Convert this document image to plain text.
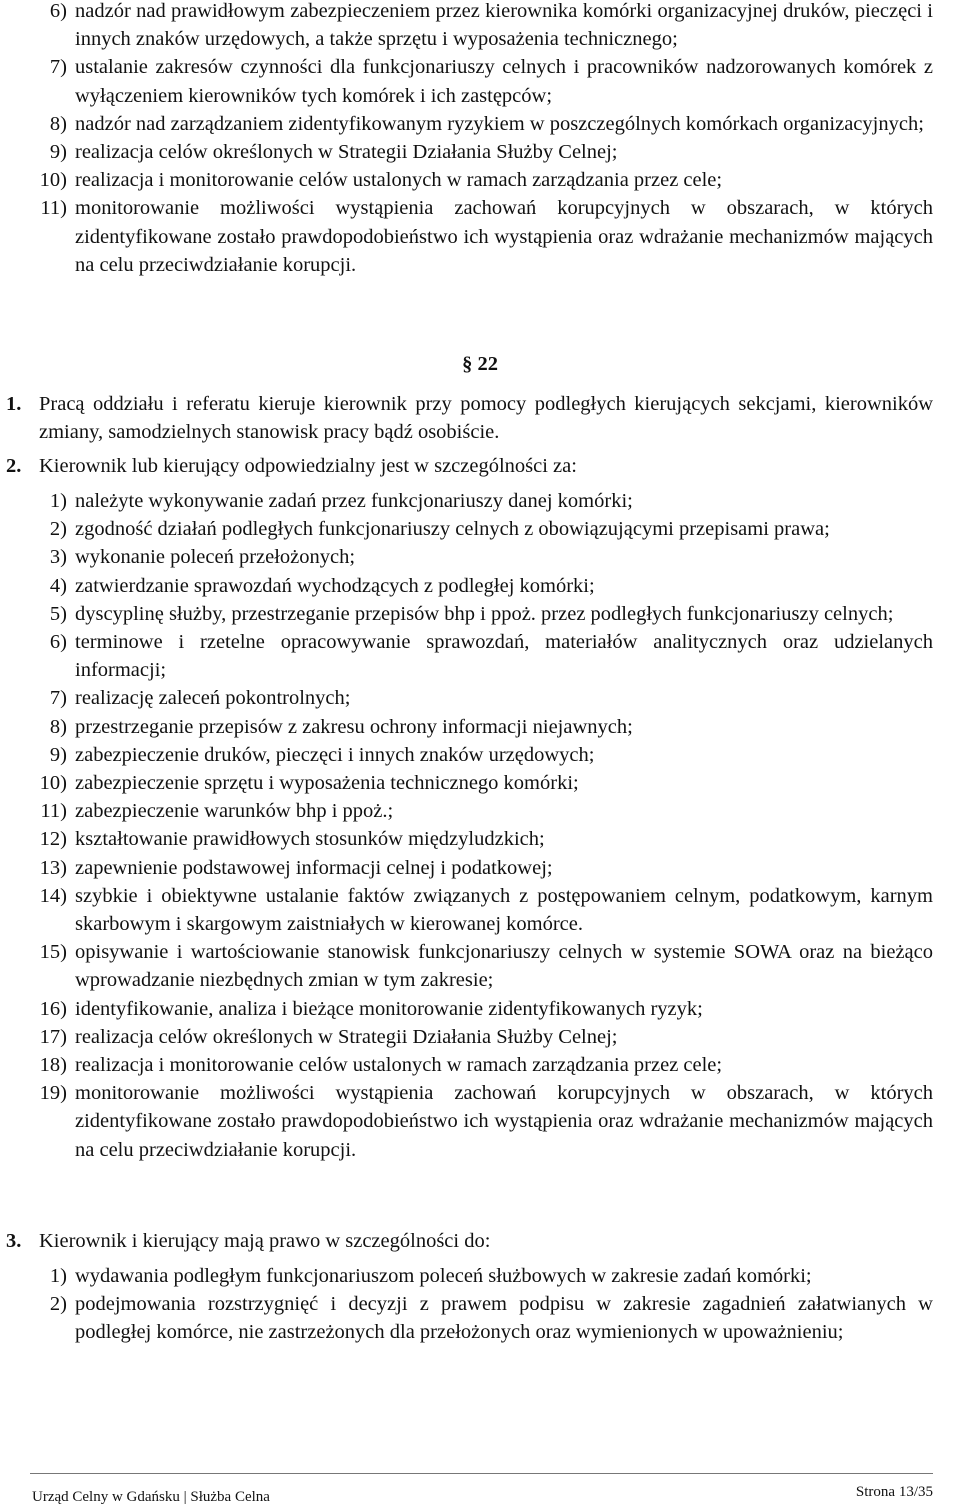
6) nadzór nad prawidłowym zabezpieczeniem przez kierownika komórki organizacyjnej druków, pieczęci i innych znaków urzędowych, a także sprzętu i wyposażenia technicznego;
7) ustalanie zakresów czynności dla funkcjonariuszy celnych i pracowników nadzorowanych komórek z wyłączeniem kierowników tych komórek i ich zastępców;
8) nadzór nad zarządzaniem zidentyfikowanym ryzykiem w poszczególnych komórkach organizacyjnych;
9) realizacja celów określonych w Strategii Działania Służby Celnej;
10) realizacja i monitorowanie celów ustalonych w ramach zarządzania przez cele;
11) monitorowanie możliwości wystąpienia zachowań korupcyjnych w obszarach, w których zidentyfikowane zostało prawdopodobieństwo ich wystąpienia oraz wdrażanie mechanizmów mających na celu przeciwdziałanie korupcji.
§ 22
1. Pracą oddziału i referatu kieruje kierownik przy pomocy podległych kierujących sekcjami, kierowników zmiany, samodzielnych stanowisk pracy bądź osobiście.
2. Kierownik lub kierujący odpowiedzialny jest w szczególności za:
1) należyte wykonywanie zadań przez funkcjonariuszy danej komórki;
2) zgodność działań podległych funkcjonariuszy celnych z obowiązującymi przepisami prawa;
3) wykonanie poleceń przełożonych;
4) zatwierdzanie sprawozdań wychodzących z podległej komórki;
5) dyscyplinę służby, przestrzeganie przepisów bhp i ppoż. przez podległych funkcjonariuszy celnych;
6) terminowe i rzetelne opracowywanie sprawozdań, materiałów analitycznych oraz udzielanych informacji;
7) realizację zaleceń pokontrolnych;
8) przestrzeganie przepisów z zakresu ochrony informacji niejawnych;
9) zabezpieczenie druków, pieczęci i innych znaków urzędowych;
10) zabezpieczenie sprzętu i wyposażenia technicznego komórki;
11) zabezpieczenie warunków bhp i ppoż.;
12) kształtowanie prawidłowych stosunków międzyludzkich;
13) zapewnienie podstawowej informacji celnej i podatkowej;
14) szybkie i obiektywne ustalanie faktów związanych z postępowaniem celnym, podatkowym, karnym skarbowym i skargowym zaistniałych w kierowanej komórce.
15) opisywanie i wartościowanie stanowisk funkcjonariuszy celnych w systemie SOWA oraz na bieżąco wprowadzanie niezbędnych zmian w tym zakresie;
16) identyfikowanie, analiza i bieżące monitorowanie zidentyfikowanych ryzyk;
17) realizacja celów określonych w Strategii Działania Służby Celnej;
18) realizacja i monitorowanie celów ustalonych w ramach zarządzania przez cele;
19) monitorowanie możliwości wystąpienia zachowań korupcyjnych w obszarach, w których zidentyfikowane zostało prawdopodobieństwo ich wystąpienia oraz wdrażanie mechanizmów mających na celu przeciwdziałanie korupcji.
3. Kierownik i kierujący mają prawo w szczególności do:
1) wydawania podległym funkcjonariuszom poleceń służbowych w zakresie zadań komórki;
2) podejmowania rozstrzygnięć i decyzji z prawem podpisu w zakresie zagadnień załatwianych w podległej komórce, nie zastrzeżonych dla przełożonych oraz wymienionych w upoważnieniu;
Urząd Celny w Gdańsku | Służba Celna	Strona 13/35
